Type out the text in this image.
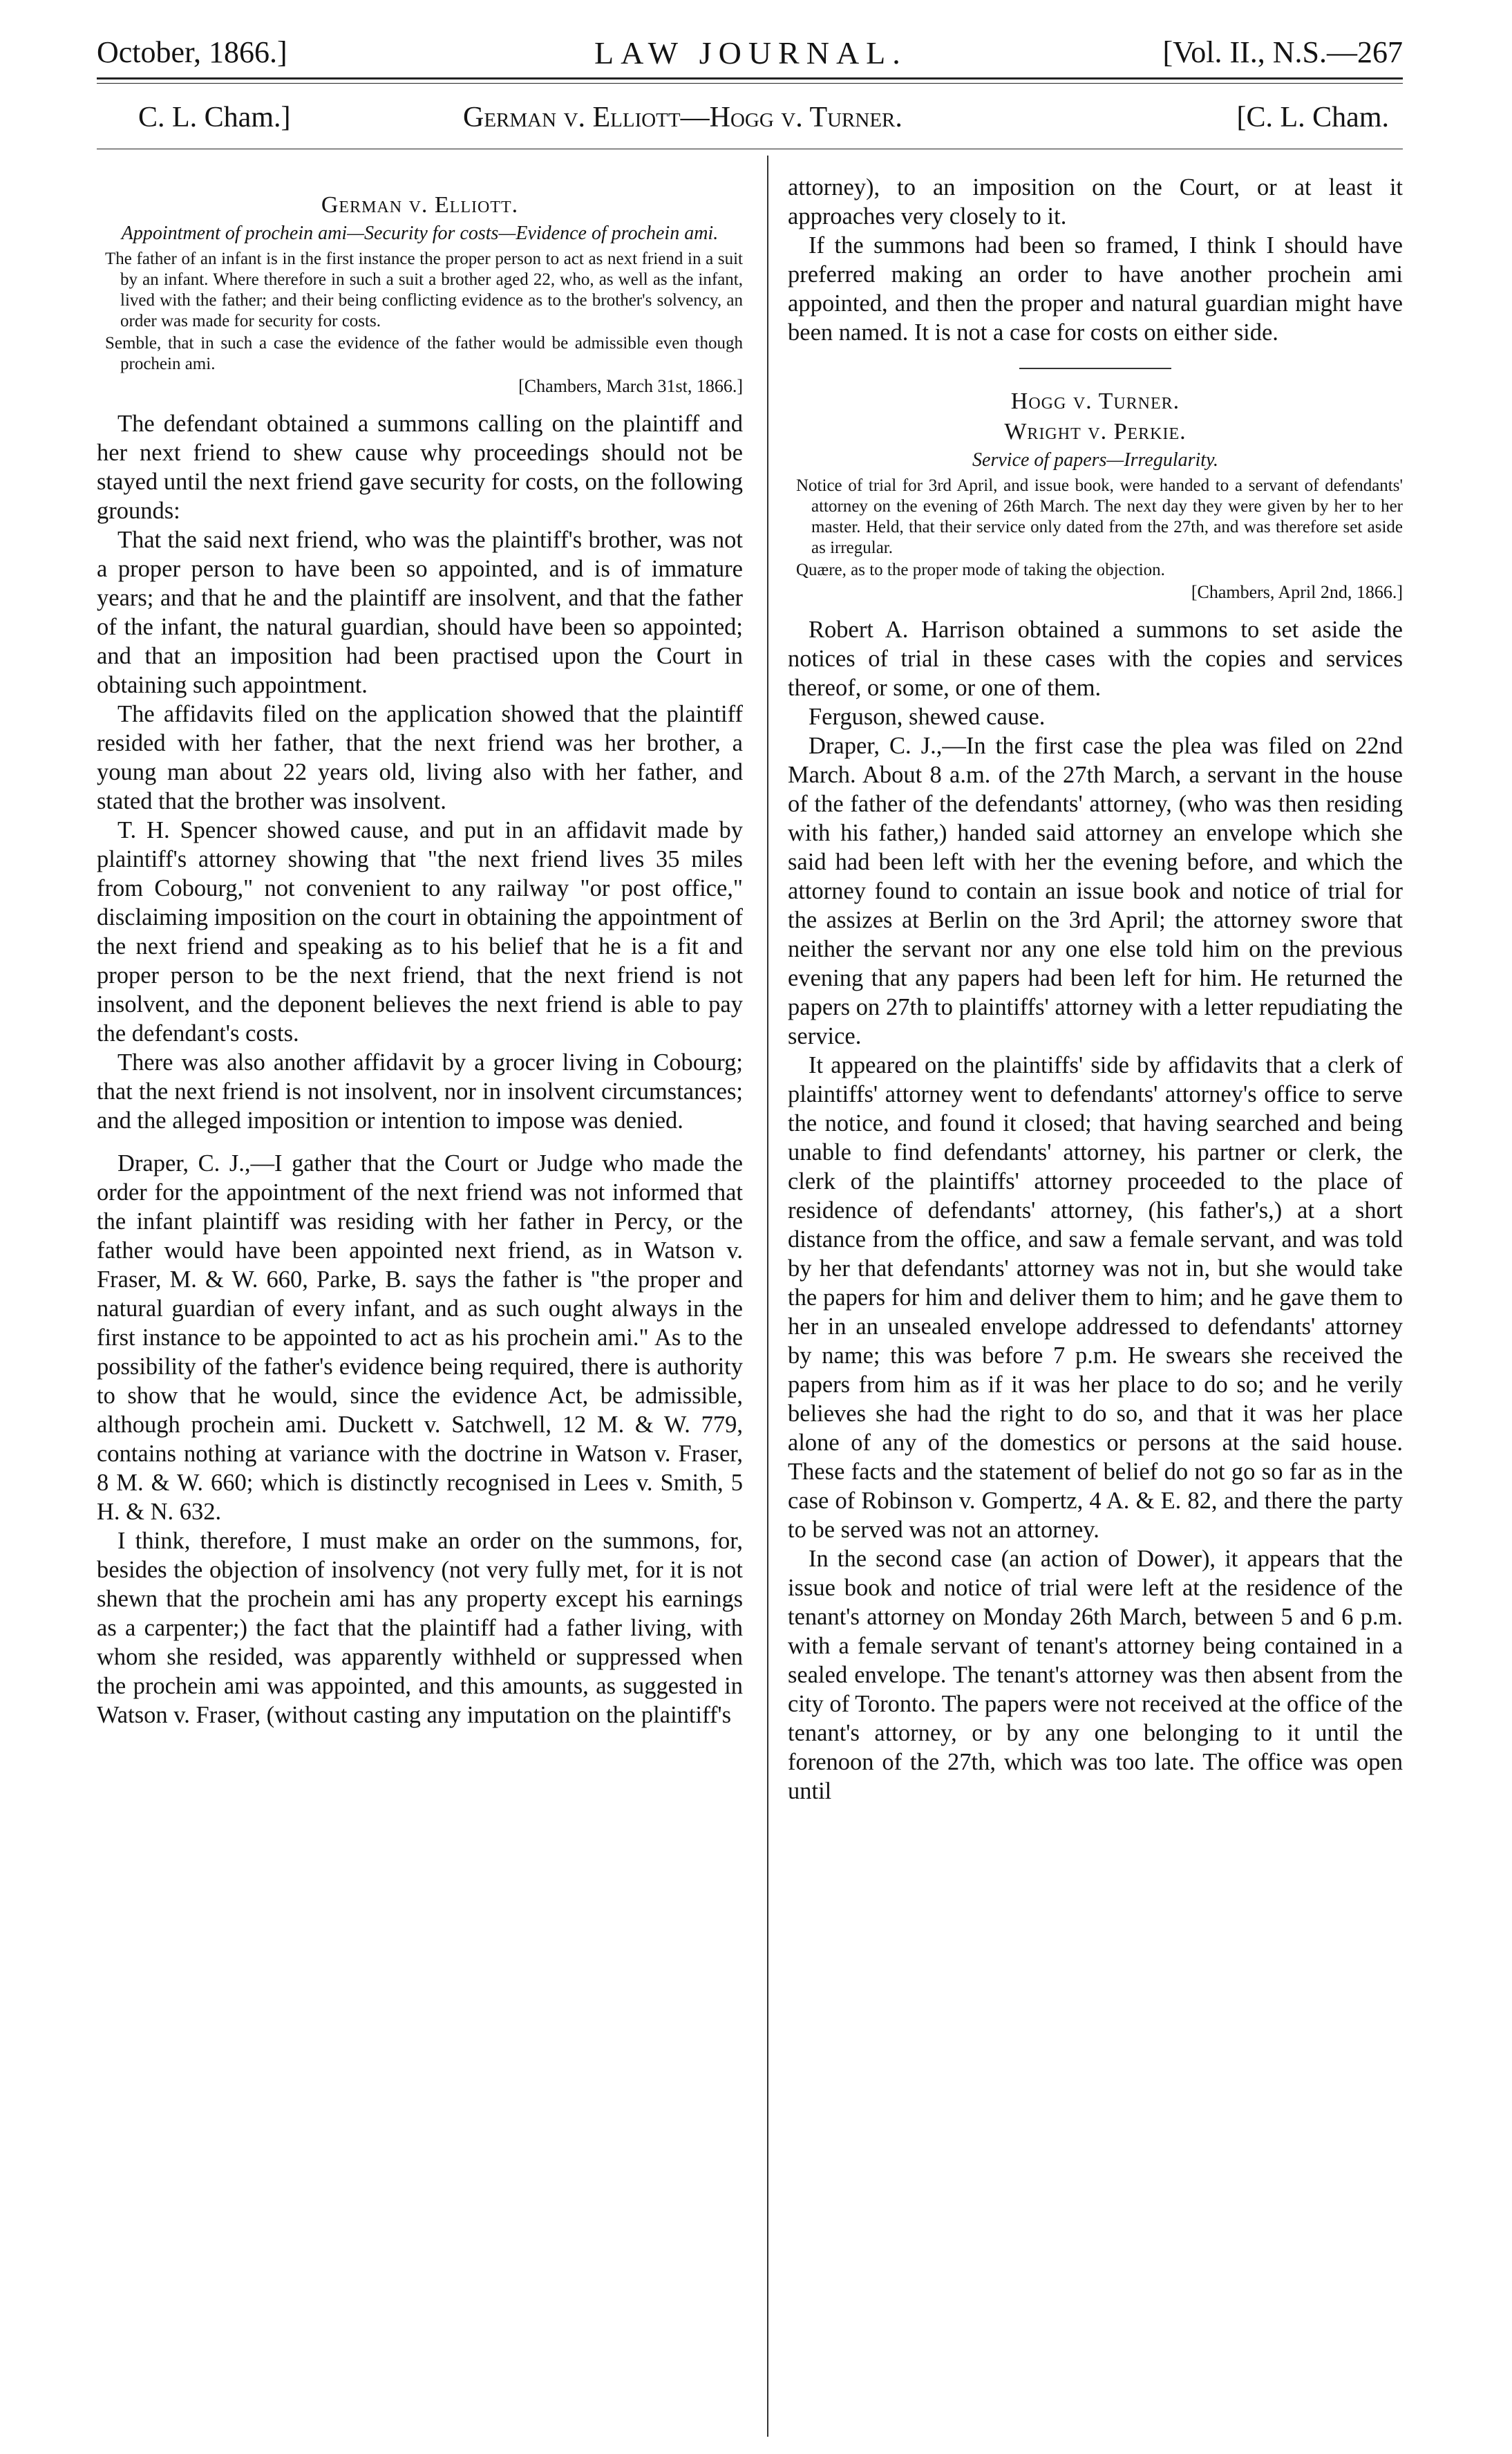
October, 1866.]	LAW JOURNAL.	[Vol. II., N.S.—267
C. L. Cham.]	German v. Elliott—Hogg v. Turner.	[C. L. Cham.
German v. Elliott.
Appointment of prochein ami—Security for costs—Evidence of prochein ami.

The father of an infant is in the first instance the proper person to act as next friend in a suit by an infant. Where therefore in such a suit a brother aged 22, who, as well as the infant, lived with the father; and their being conflicting evidence as to the brother's solvency, an order was made for security for costs.

Semble, that in such a case the evidence of the father would be admissible even though prochein ami.

[Chambers, March 31st, 1866.]

The defendant obtained a summons calling on the plaintiff and her next friend to shew cause why proceedings should not be stayed until the next friend gave security for costs, on the following grounds:

That the said next friend, who was the plaintiff's brother, was not a proper person to have been so appointed, and is of immature years; and that he and the plaintiff are insolvent, and that the father of the infant, the natural guardian, should have been so appointed; and that an imposition had been practised upon the Court in obtaining such appointment.

The affidavits filed on the application showed that the plaintiff resided with her father, that the next friend was her brother, a young man about 22 years old, living also with her father, and stated that the brother was insolvent.

T. H. Spencer showed cause, and put in an affidavit made by plaintiff's attorney showing that "the next friend lives 35 miles from Cobourg," not convenient to any railway "or post office," disclaiming imposition on the court in obtaining the appointment of the next friend and speaking as to his belief that he is a fit and proper person to be the next friend, that the next friend is not insolvent, and the deponent believes the next friend is able to pay the defendant's costs.

There was also another affidavit by a grocer living in Cobourg; that the next friend is not insolvent, nor in insolvent circumstances; and the alleged imposition or intention to impose was denied.

Draper, C. J.,—I gather that the Court or Judge who made the order for the appointment of the next friend was not informed that the infant plaintiff was residing with her father in Percy, or the father would have been appointed next friend, as in Watson v. Fraser, M. & W. 660, Parke, B. says the father is "the proper and natural guardian of every infant, and as such ought always in the first instance to be appointed to act as his prochein ami." As to the possibility of the father's evidence being required, there is authority to show that he would, since the evidence Act, be admissible, although prochein ami. Duckett v. Satchwell, 12 M. & W. 779, contains nothing at variance with the doctrine in Watson v. Fraser, 8 M. & W. 660; which is distinctly recognised in Lees v. Smith, 5 H. & N. 632.

I think, therefore, I must make an order on the summons, for, besides the objection of insolvency (not very fully met, for it is not shewn that the prochein ami has any property except his earnings as a carpenter;) the fact that the plaintiff had a father living, with whom she resided, was apparently withheld or suppressed when the prochein ami was appointed, and this amounts, as suggested in Watson v. Fraser, (without casting any imputation on the plaintiff's

attorney), to an imposition on the Court, or at least it approaches very closely to it.

If the summons had been so framed, I think I should have preferred making an order to have another prochein ami appointed, and then the proper and natural guardian might have been named. It is not a case for costs on either side.

Hogg v. Turner.
Wright v. Perkie.
Service of papers—Irregularity.

Notice of trial for 3rd April, and issue book, were handed to a servant of defendants' attorney on the evening of 26th March. The next day they were given by her to her master. Held, that their service only dated from the 27th, and was therefore set aside as irregular.

Quære, as to the proper mode of taking the objection.

[Chambers, April 2nd, 1866.]

Robert A. Harrison obtained a summons to set aside the notices of trial in these cases with the copies and services thereof, or some, or one of them.

Ferguson, shewed cause.

Draper, C. J.,—In the first case the plea was filed on 22nd March. About 8 a.m. of the 27th March, a servant in the house of the father of the defendants' attorney, (who was then residing with his father,) handed said attorney an envelope which she said had been left with her the evening before, and which the attorney found to contain an issue book and notice of trial for the assizes at Berlin on the 3rd April; the attorney swore that neither the servant nor any one else told him on the previous evening that any papers had been left for him. He returned the papers on 27th to plaintiffs' attorney with a letter repudiating the service.

It appeared on the plaintiffs' side by affidavits that a clerk of plaintiffs' attorney went to defendants' attorney's office to serve the notice, and found it closed; that having searched and being unable to find defendants' attorney, his partner or clerk, the clerk of the plaintiffs' attorney proceeded to the place of residence of defendants' attorney, (his father's,) at a short distance from the office, and saw a female servant, and was told by her that defendants' attorney was not in, but she would take the papers for him and deliver them to him; and he gave them to her in an unsealed envelope addressed to defendants' attorney by name; this was before 7 p.m. He swears she received the papers from him as if it was her place to do so; and he verily believes she had the right to do so, and that it was her place alone of any of the domestics or persons at the said house. These facts and the statement of belief do not go so far as in the case of Robinson v. Gompertz, 4 A. & E. 82, and there the party to be served was not an attorney.

In the second case (an action of Dower), it appears that the issue book and notice of trial were left at the residence of the tenant's attorney on Monday 26th March, between 5 and 6 p.m. with a female servant of tenant's attorney being contained in a sealed envelope. The tenant's attorney was then absent from the city of Toronto. The papers were not received at the office of the tenant's attorney, or by any one belonging to it until the forenoon of the 27th, which was too late. The office was open until
